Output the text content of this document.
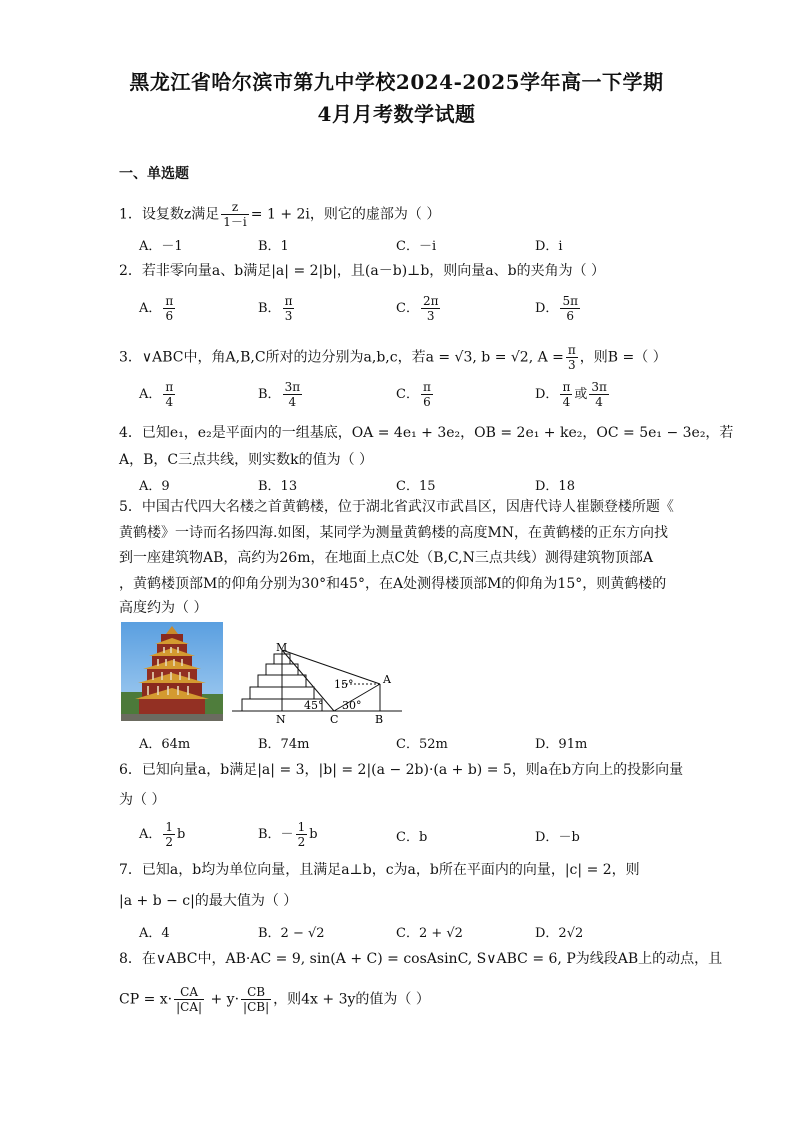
黑龙江省哈尔滨市第九中学校2024-2025学年高一下学期
4月月考数学试题
一、单选题
1．设复数z满足 $\frac{z}{1-i} = 1 + 2i$，则它的虚部为（ ）
A．－1	B．1	C．－i	D．i
2．若非零向量a、b满足|a| = 2|b|，且(a－b)⊥b，则向量a、b的夹角为（ ）
A． $\frac{\pi}{6}$	B． $\frac{\pi}{3}$	C． $\frac{2\pi}{3}$	D． $\frac{5\pi}{6}$
3．∨ABC中，角A,B,C所对的边分别为a,b,c，若a = √3, b = √2, $A = \frac{\pi}{3}$ ，则B =（ ）
A． $\frac{\pi}{4}$	B． $\frac{3\pi}{4}$	C． $\frac{\pi}{6}$	D． $\frac{\pi}{4}$ 或 $\frac{3\pi}{4}$
4．已知e₁，e₂是平面内的一组基底，OA = 4e₁ + 3e₂，OB = 2e₁ + ke₂，OC = 5e₁ − 3e₂，若
A，B，C三点共线，则实数k的值为（ ）
A．9	B．13	C．15	D．18
5．中国古代四大名楼之首黄鹤楼，位于湖北省武汉市武昌区，因唐代诗人崔颢登楼所题《
黄鹤楼》一诗而名扬四海.如图，某同学为测量黄鹤楼的高度MN，在黄鹤楼的正东方向找
到一座建筑物AB，高约为26m，在地面上点C处（B,C,N三点共线）测得建筑物顶部A
，黄鹤楼顶部M的仰角分别为30°和45°，在A处测得楼顶部M的仰角为15°，则黄鹤楼的
高度约为（ ）
M
A
N	C	B
15°
45° 30°
A．64m	B．74m	C．52m	D．91m
6．已知向量a，b满足|a| = 3，|b| = 2|(a − 2b)·(a + b) = 5，则a在b方向上的投影向量
为（ ）
A． $\frac{1}{2}$ b	B．－ $\frac{1}{2}$ b	C．b	D．－b
7．已知a，b均为单位向量，且满足a⊥b，c为a，b所在平面内的向量，|c| = 2，则
|a + b − c|的最大值为（ ）
A．4	B．2 − √2	C．2 + √2	D．2√2
8．在∨ABC中，AB·AC = 9, sin(A + C) = cosAsinC, S∨ABC = 6, P为线段AB上的动点，且
CP = $x\cdot \frac{CA}{|CA|} + y\cdot \frac{CB}{|CB|}$ ，则4x + 3y的值为（ ）
